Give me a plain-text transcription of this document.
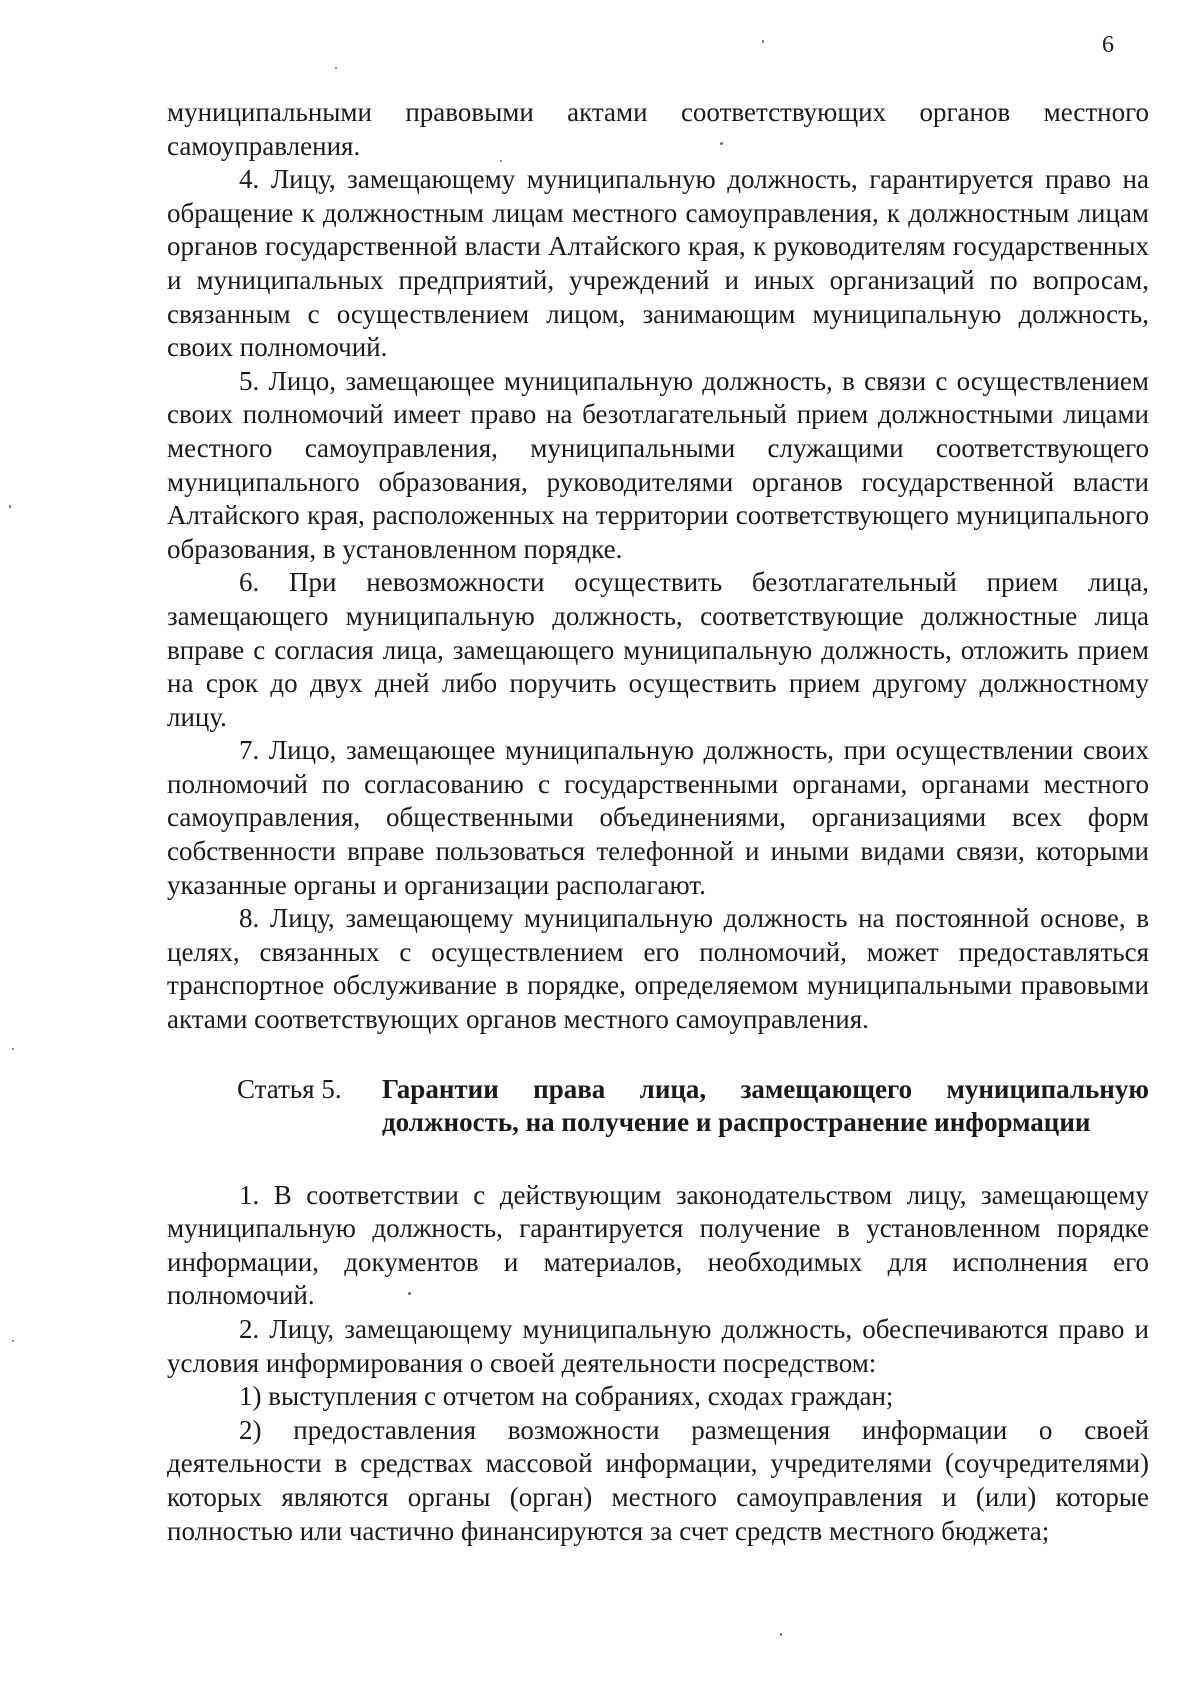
6

муниципальными правовыми актами соответствующих органов местного самоуправления.

4. Лицу, замещающему муниципальную должность, гарантируется право на обращение к должностным лицам местного самоуправления, к должностным лицам органов государственной власти Алтайского края, к руководителям государственных и муниципальных предприятий, учреждений и иных организаций по вопросам, связанным с осуществлением лицом, занимающим муниципальную должность, своих полномочий.

5. Лицо, замещающее муниципальную должность, в связи с осуществлением своих полномочий имеет право на безотлагательный прием должностными лицами местного самоуправления, муниципальными служащими соответствующего муниципального образования, руководителями органов государственной власти Алтайского края, расположенных на территории соответствующего муниципального образования, в установленном порядке.

6. При невозможности осуществить безотлагательный прием лица, замещающего муниципальную должность, соответствующие должностные лица вправе с согласия лица, замещающего муниципальную должность, отложить прием на срок до двух дней либо поручить осуществить прием другому должностному лицу.

7. Лицо, замещающее муниципальную должность, при осуществлении своих полномочий по согласованию с государственными органами, органами местного самоуправления, общественными объединениями, организациями всех форм собственности вправе пользоваться телефонной и иными видами связи, которыми указанные органы и организации располагают.

8. Лицу, замещающему муниципальную должность на постоянной основе, в целях, связанных с осуществлением его полномочий, может предоставляться транспортное обслуживание в порядке, определяемом муниципальными правовыми актами соответствующих органов местного самоуправления.

Статья 5. Гарантии права лица, замещающего муниципальную
должность, на получение и распространение информации

1. В соответствии с действующим законодательством лицу, замещающему муниципальную должность, гарантируется получение в установленном порядке информации, документов и материалов, необходимых для исполнения его полномочий.

2. Лицу, замещающему муниципальную должность, обеспечиваются право и условия информирования о своей деятельности посредством:

1) выступления с отчетом на собраниях, сходах граждан;

2) предоставления возможности размещения информации о своей деятельности в средствах массовой информации, учредителями (соучредителями) которых являются органы (орган) местного самоуправления и (или) которые полностью или частично финансируются за счет средств местного бюджета;
